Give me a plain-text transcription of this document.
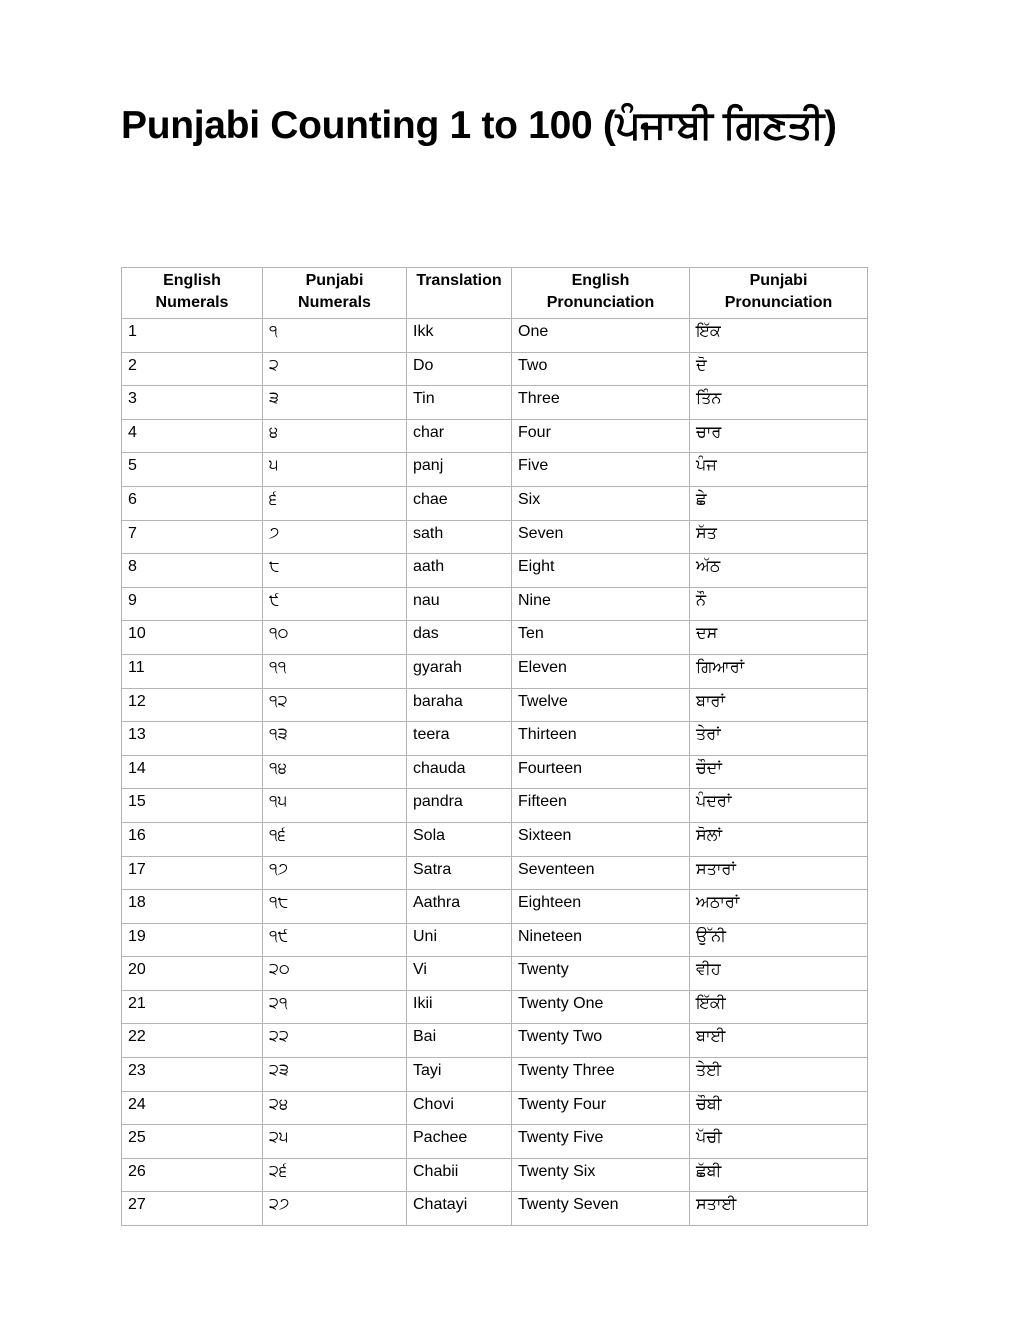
Punjabi Counting 1 to 100 (ਪੰਜਾਬੀ ਗਿਣਤੀ)
English Numerals	Punjabi Numerals	Translation	English Pronunciation	Punjabi Pronunciation
1	੧	Ikk	One	ਇੱਕ
2	੨	Do	Two	ਦੋ
3	੩	Tin	Three	ਤਿੰਨ
4	੪	char	Four	ਚਾਰ
5	੫	panj	Five	ਪੰਜ
6	੬	chae	Six	ਛੇ
7	੭	sath	Seven	ਸੱਤ
8	੮	aath	Eight	ਅੱਠ
9	੯	nau	Nine	ਨੌ
10	੧੦	das	Ten	ਦਸ
11	੧੧	gyarah	Eleven	ਗਿਆਰਾਂ
12	੧੨	baraha	Twelve	ਬਾਰਾਂ
13	੧੩	teera	Thirteen	ਤੇਰਾਂ
14	੧੪	chauda	Fourteen	ਚੌਦਾਂ
15	੧੫	pandra	Fifteen	ਪੰਦਰਾਂ
16	੧੬	Sola	Sixteen	ਸੋਲਾਂ
17	੧੭	Satra	Seventeen	ਸਤਾਰਾਂ
18	੧੮	Aathra	Eighteen	ਅਠਾਰਾਂ
19	੧੯	Uni	Nineteen	ਉੱਨੀ
20	੨੦	Vi	Twenty	ਵੀਹ
21	੨੧	Ikii	Twenty One	ਇੱਕੀ
22	੨੨	Bai	Twenty Two	ਬਾਈ
23	੨੩	Tayi	Twenty Three	ਤੇਈ
24	੨੪	Chovi	Twenty Four	ਚੌਬੀ
25	੨੫	Pachee	Twenty Five	ਪੱਚੀ
26	੨੬	Chabii	Twenty Six	ਛੱਬੀ
27	੨੭	Chatayi	Twenty Seven	ਸਤਾਈ
